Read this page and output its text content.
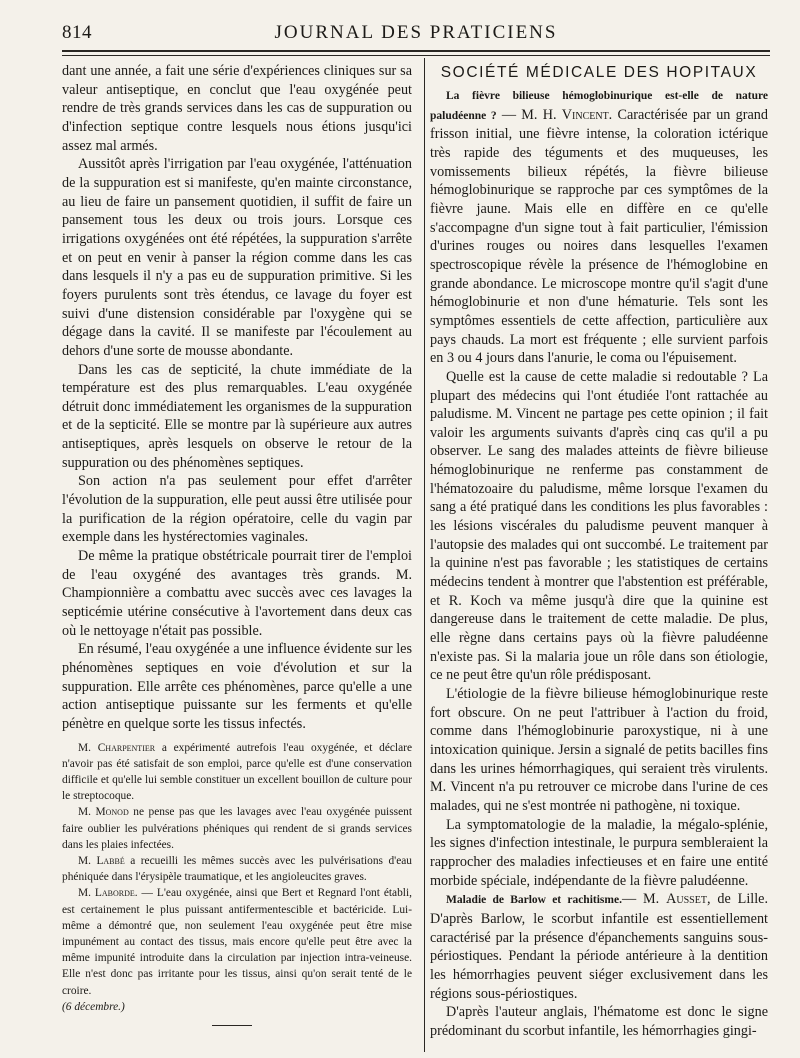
814	JOURNAL DES PRATICIENS

dant une année, a fait une série d'expériences cliniques sur sa valeur antiseptique, en conclut que l'eau oxygénée peut rendre de très grands services dans les cas de suppuration ou d'infection septique contre lesquels nous étions jusqu'ici assez mal armés.

Aussitôt après l'irrigation par l'eau oxygénée, l'atténuation de la suppuration est si manifeste, qu'en mainte circonstance, au lieu de faire un pansement quotidien, il suffit de faire un pansement tous les deux ou trois jours. Lorsque ces irrigations oxygénées ont été répétées, la suppuration s'arrête et on peut en venir à panser la région comme dans les cas dans lesquels il n'y a pas eu de suppuration primitive. Si les foyers purulents sont très étendus, ce lavage du foyer est suivi d'une distension considérable par l'oxygène qui se dégage dans la cavité. Il se manifeste par l'écoulement au dehors d'une sorte de mousse abondante.

Dans les cas de septicité, la chute immédiate de la température est des plus remarquables. L'eau oxygénée détruit donc immédiatement les organismes de la suppuration et de la septicité. Elle se montre par là supérieure aux autres antiseptiques, après lesquels on observe le retour de la suppuration ou des phénomènes septiques.

Son action n'a pas seulement pour effet d'arrêter l'évolution de la suppuration, elle peut aussi être utilisée pour la purification de la région opératoire, celle du vagin par exemple dans les hystérectomies vaginales.

De même la pratique obstétricale pourrait tirer de l'emploi de l'eau oxygéné des avantages très grands. M. Championnière a combattu avec succès avec ces lavages la septicémie utérine consécutive à l'avortement dans deux cas où le nettoyage n'était pas possible.

En résumé, l'eau oxygénée a une influence évidente sur les phénomènes septiques en voie d'évolution et sur la suppuration. Elle arrête ces phénomènes, parce qu'elle a une action antiseptique puissante sur les ferments et qu'elle pénètre en quelque sorte les tissus infectés.

M. Charpentier a expérimenté autrefois l'eau oxygénée, et déclare n'avoir pas été satisfait de son emploi, parce qu'elle est d'une conservation difficile et qu'elle lui semble constituer un excellent bouillon de culture pour le streptocoque.

M. Monod ne pense pas que les lavages avec l'eau oxygénée puissent faire oublier les pulvérations phéniques qui rendent de si grands services dans les plaies infectées.

M. Labbé a recueilli les mêmes succès avec les pulvérisations d'eau phéniquée dans l'érysipèle traumatique, et les angioleucites graves.

M. Laborde. — L'eau oxygénée, ainsi que Bert et Regnard l'ont établi, est certainement le plus puissant antifermentescible et bactéricide. Lui-même a démontré que, non seulement l'eau oxygénée peut être mise impunément au contact des tissus, mais encore qu'elle peut être avec la même impunité introduite dans la circulation par injection intra-veineuse. Elle n'est donc pas irritante pour les tissus, ainsi qu'on serait tenté de le croire.

(6 décembre.)

SOCIÉTÉ MÉDICALE DES HOPITAUX

La fièvre bilieuse hémoglobinurique est-elle de nature paludéenne ? — M. H. Vincent. Caractérisée par un grand frisson initial, une fièvre intense, la coloration ictérique très rapide des téguments et des muqueuses, les vomissements bilieux répétés, la fièvre bilieuse hémoglobinurique se rapproche par ces symptômes de la fièvre jaune. Mais elle en diffère en ce qu'elle s'accompagne d'un signe tout à fait particulier, l'émission d'urines rouges ou noires dans lesquelles l'examen spectroscopique révèle la présence de l'hémoglobine en grande abondance. Le microscope montre qu'il s'agit d'une hémoglobinurie et non d'une hématurie. Tels sont les symptômes essentiels de cette affection, particulière aux pays chauds. La mort est fréquente ; elle survient parfois en 3 ou 4 jours dans l'anurie, le coma ou l'épuisement.

Quelle est la cause de cette maladie si redoutable ? La plupart des médecins qui l'ont étudiée l'ont rattachée au paludisme. M. Vincent ne partage pes cette opinion ; il fait valoir les arguments suivants d'après cinq cas qu'il a pu observer. Le sang des malades atteints de fièvre bilieuse hémoglobinurique ne renferme pas constamment de l'hématozoaire du paludisme, même lorsque l'examen du sang a été pratiqué dans les conditions les plus favorables : les lésions viscérales du paludisme peuvent manquer à l'autopsie des malades qui ont succombé. Le traitement par la quinine n'est pas favorable ; les statistiques de certains médecins tendent à montrer que l'abstention est préférable, et R. Koch va même jusqu'à dire que la quinine est dangereuse dans le traitement de cette maladie. De plus, elle règne dans certains pays où la fièvre paludéenne n'existe pas. Si la malaria joue un rôle dans son étiologie, ce ne peut être qu'un rôle prédisposant.

L'étiologie de la fièvre bilieuse hémoglobinurique reste fort obscure. On ne peut l'attribuer à l'action du froid, comme dans l'hémoglobinurie paroxystique, ni à une intoxication quinique. Jersin a signalé de petits bacilles fins dans les urines hémorrhagiques, qui seraient très virulents. M. Vincent n'a pu retrouver ce microbe dans l'urine de ces malades, qui ne s'est montrée ni pathogène, ni toxique.

La symptomatologie de la maladie, la mégalo-splénie, les signes d'infection intestinale, le purpura sembleraient la rapprocher des maladies infectieuses et en faire une entité morbide spéciale, indépendante de la fièvre paludéenne.

Maladie de Barlow et rachitisme.— M. Ausset, de Lille. D'après Barlow, le scorbut infantile est essentiellement caractérisé par la présence d'épanchements sanguins sous-périostiques. Pendant la période antérieure à la dentition les hémorrhagies peuvent siéger exclusivement dans les régions sous-périostiques.

D'après l'auteur anglais, l'hématome est donc le signe prédominant du scorbut infantile, les hémorrhagies gingi-
